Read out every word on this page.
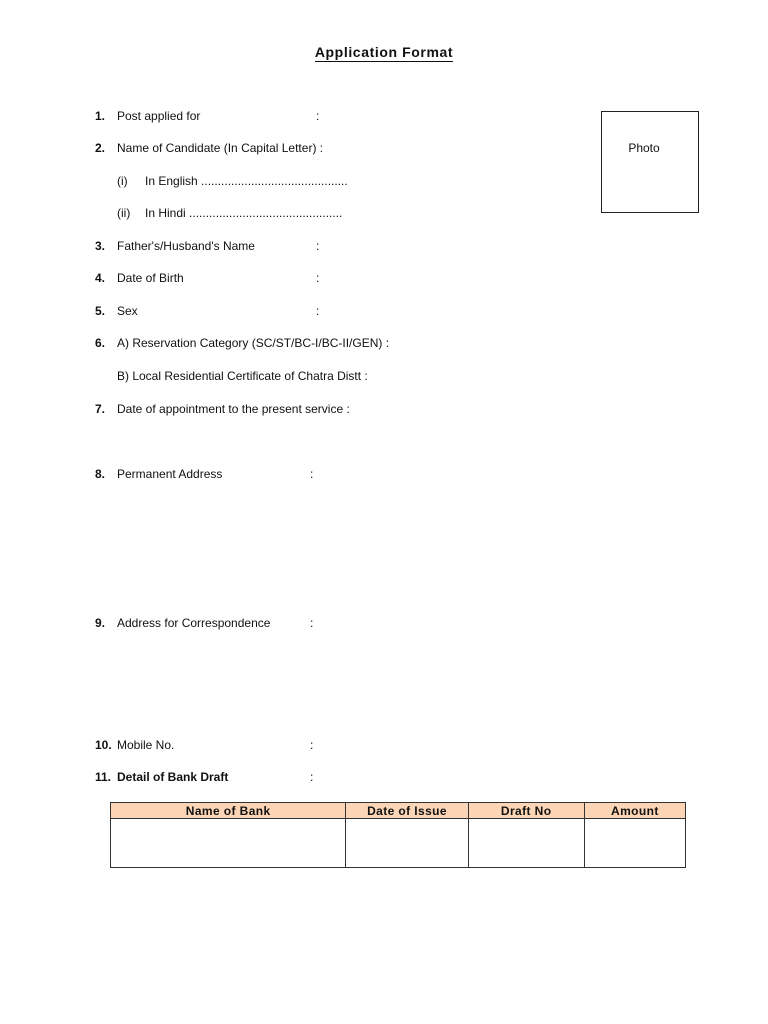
Application Format
1. Post applied for	:
2. Name of Candidate (In Capital Letter) :
(i) In English ............................................
(ii) In Hindi ..............................................
Photo
3. Father's/Husband's Name	:
4. Date of Birth	:
5. Sex	:
6. A) Reservation Category (SC/ST/BC-I/BC-II/GEN) :
B) Local Residential Certificate of Chatra Distt :
7. Date of appointment to the present service :
8. Permanent Address	:
9. Address for Correspondence	:
10. Mobile No.	:
11. Detail of Bank Draft	:
Name of Bank	Date of Issue	Draft No	Amount
